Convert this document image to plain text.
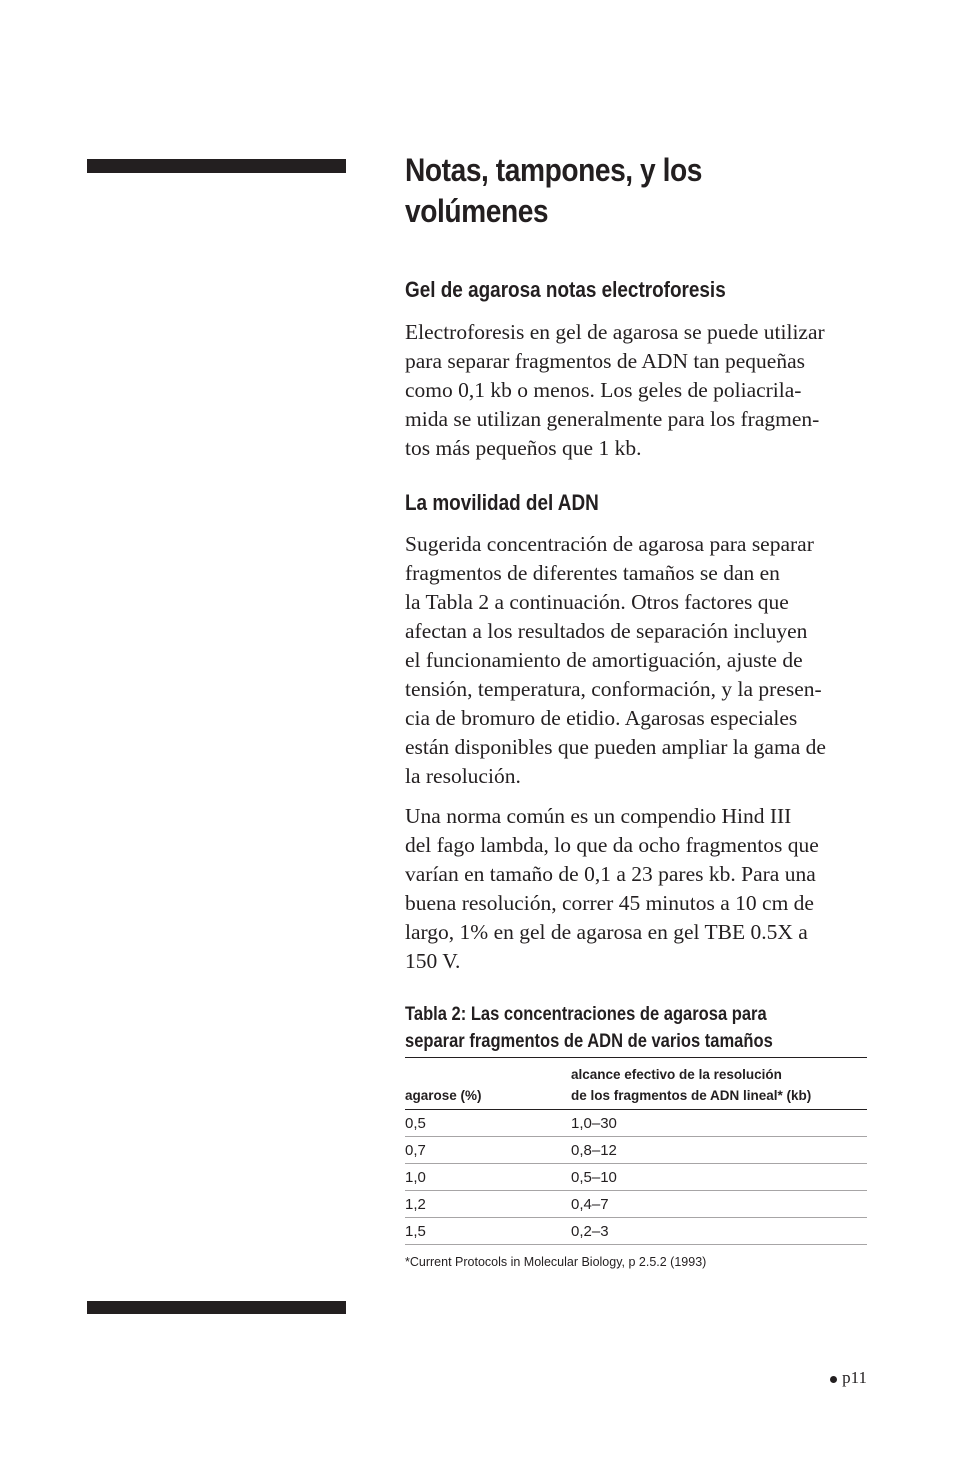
Notas, tampones, y los
volúmenes
Gel de agarosa notas electroforesis

Electroforesis en gel de agarosa se puede utilizar
para separar fragmentos de ADN tan pequeñas
como 0,1 kb o menos. Los geles de poliacrila-
mida se utilizan generalmente para los fragmen-
tos más pequeños que 1 kb.

La movilidad del ADN

Sugerida concentración de agarosa para separar
fragmentos de diferentes tamaños se dan en
la Tabla 2 a continuación. Otros factores que
afectan a los resultados de separación incluyen
el funcionamiento de amortiguación, ajuste de
tensión, temperatura, conformación, y la presen-
cia de bromuro de etidio. Agarosas especiales
están disponibles que pueden ampliar la gama de
la resolución.

Una norma común es un compendio Hind III
del fago lambda, lo que da ocho fragmentos que
varían en tamaño de 0,1 a 23 pares kb. Para una
buena resolución, correr 45 minutos a 10 cm de
largo, 1% en gel de agarosa en gel TBE 0.5X a
150 V.

Tabla 2: Las concentraciones de agarosa para
separar fragmentos de ADN de varios tamaños

agarose (%)	alcance efectivo de la resolución
de los fragmentos de ADN lineal* (kb)

0,5	1,0–30
0,7	0,8–12
1,0	0,5–10
1,2	0,4–7
1,5	0,2–3

*Current Protocols in Molecular Biology, p 2.5.2 (1993)

p11
